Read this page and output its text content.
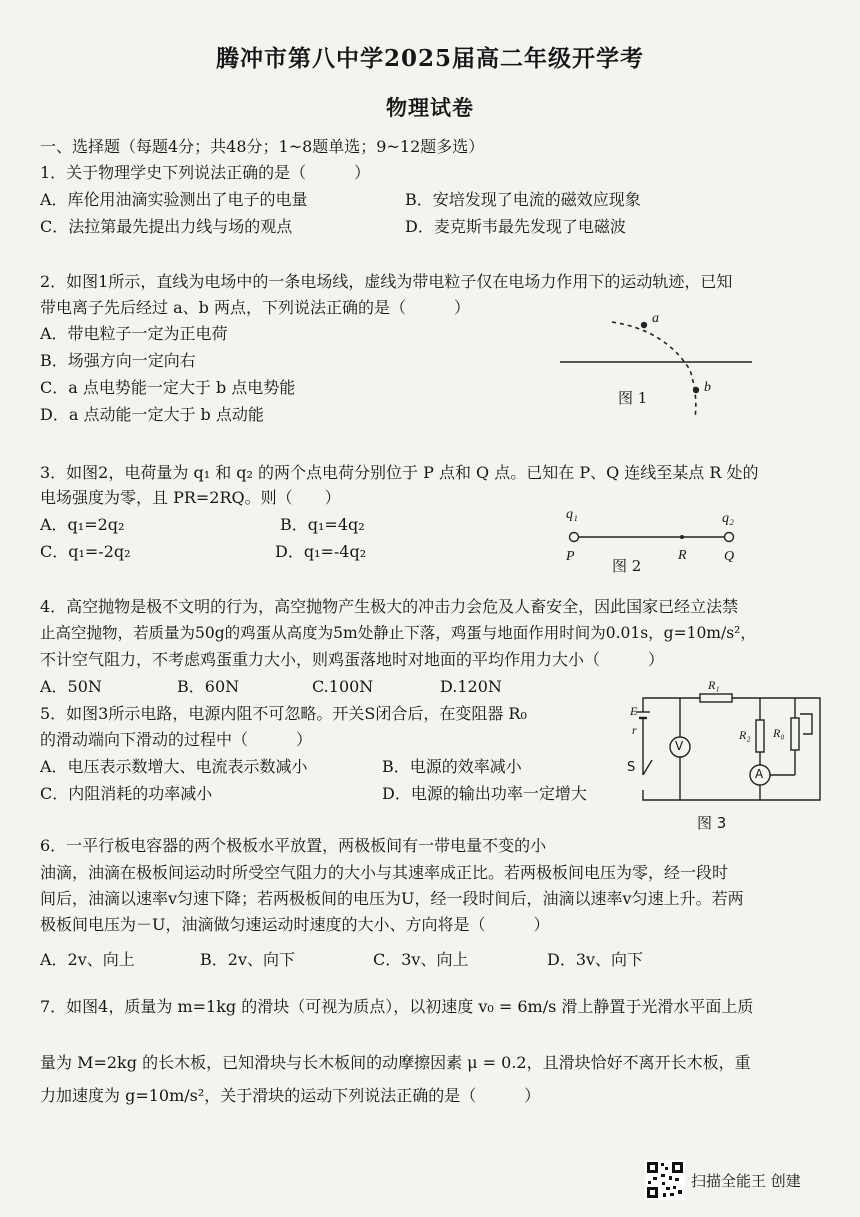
腾冲市第八中学2025届高二年级开学考
物理试卷
一、选择题（每题4分；共48分；1~8题单选；9~12题多选）
1．关于物理学史下列说法正确的是（　　　）
A．库伦用油滴实验测出了电子的电量	B．安培发现了电流的磁效应现象
C．法拉第最先提出力线与场的观点	D．麦克斯韦最先发现了电磁波
2．如图1所示，直线为电场中的一条电场线，虚线为带电粒子仅在电场力作用下的运动轨迹，已知
带电离子先后经过 a、b 两点，下列说法正确的是（　　　）
A．带电粒子一定为正电荷
B．场强方向一定向右
C．a 点电势能一定大于 b 点电势能
D．a 点动能一定大于 b 点动能
a
b
图 1
3．如图2，电荷量为 q₁ 和 q₂ 的两个点电荷分别位于 P 点和 Q 点。已知在 P、Q 连线至某点 R 处的
电场强度为零，且 PR=2RQ。则（　　）
A．q₁=2q₂	B．q₁=4q₂
C．q₁=-2q₂	D．q₁=-4q₂
q₁	q₂
P
图 2
R	Q
4．高空抛物是极不文明的行为，高空抛物产生极大的冲击力会危及人畜安全，因此国家已经立法禁
止高空抛物，若质量为50g的鸡蛋从高度为5m处静止下落，鸡蛋与地面作用时间为0.01s，g=10m/s²，
不计空气阻力，不考虑鸡蛋重力大小，则鸡蛋落地时对地面的平均作用力大小（　　　）
A．50N	B．60N	C.100N	D.120N
5．如图3所示电路，电源内阻不可忽略。开关S闭合后，在变阻器 R₀
的滑动端向下滑动的过程中（　　　）
A．电压表示数增大、电流表示数减小	B．电源的效率减小
C．内阻消耗的功率减小	D．电源的输出功率一定增大
E
r
S
R₁
R₂ R₀
V
A
图 3
6．一平行板电容器的两个极板水平放置，两极板间有一带电量不变的小
油滴，油滴在极板间运动时所受空气阻力的大小与其速率成正比。若两极板间电压为零，经一段时
间后，油滴以速率v匀速下降；若两极板间的电压为U，经一段时间后，油滴以速率v匀速上升。若两
极板间电压为－U，油滴做匀速运动时速度的大小、方向将是（　　　）
A．2v、向上	B．2v、向下	C．3v、向上	D．3v、向下
7．如图4，质量为 m=1kg 的滑块（可视为质点），以初速度 v₀ = 6m/s 滑上静置于光滑水平面上质
量为 M=2kg 的长木板，已知滑块与长木板间的动摩擦因素 μ = 0.2，且滑块恰好不离开长木板，重
力加速度为 g=10m/s²，关于滑块的运动下列说法正确的是（　　　）
扫描全能王 创建
